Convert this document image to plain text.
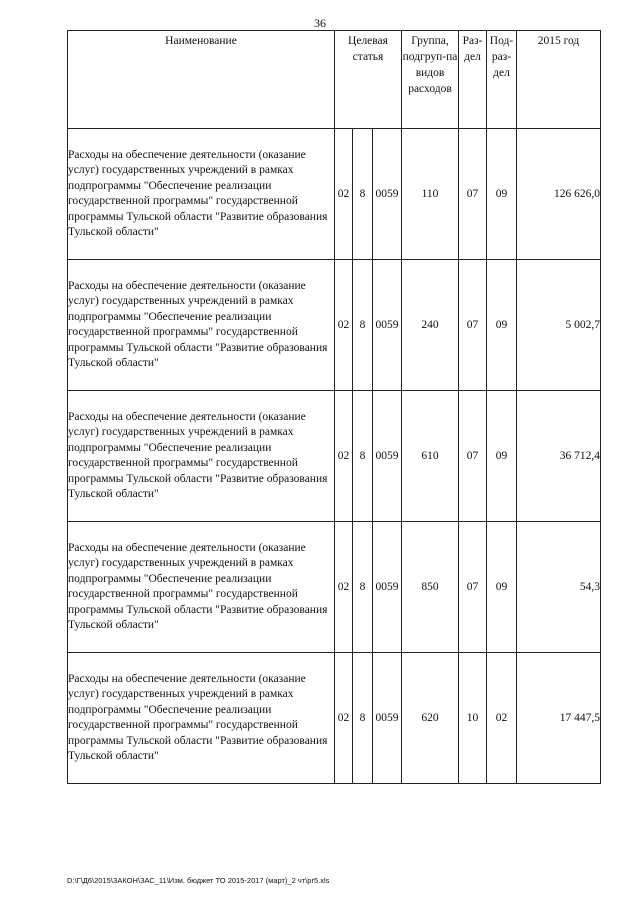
36
Наименование	Целевая статья			Группа, подгруп-па видов расходов	Раз-дел	Под-раз-дел	2015 год
Расходы на обеспечение деятельности (оказание услуг) государственных учреждений в рамках подпрограммы "Обеспечение реализации государственной программы" государственной программы Тульской области "Развитие образования Тульской области"	02	8	0059	110	07	09	126 626,0
Расходы на обеспечение деятельности (оказание услуг) государственных учреждений в рамках подпрограммы "Обеспечение реализации государственной программы" государственной программы Тульской области "Развитие образования Тульской области"	02	8	0059	240	07	09	5 002,7
Расходы на обеспечение деятельности (оказание услуг) государственных учреждений в рамках подпрограммы "Обеспечение реализации государственной программы" государственной программы Тульской области "Развитие образования Тульской области"	02	8	0059	610	07	09	36 712,4
Расходы на обеспечение деятельности (оказание услуг) государственных учреждений в рамках подпрограммы "Обеспечение реализации государственной программы" государственной программы Тульской области "Развитие образования Тульской области"	02	8	0059	850	07	09	54,3
Расходы на обеспечение деятельности (оказание услуг) государственных учреждений в рамках подпрограммы "Обеспечение реализации государственной программы" государственной программы Тульской области "Развитие образования Тульской области"	02	8	0059	620	10	02	17 447,5
D:\Г\Д6\2015\ЗАКОН\ЗАС_11\Изм. бюджет ТО 2015-2017 (март)_2 чт\pr5.xls
